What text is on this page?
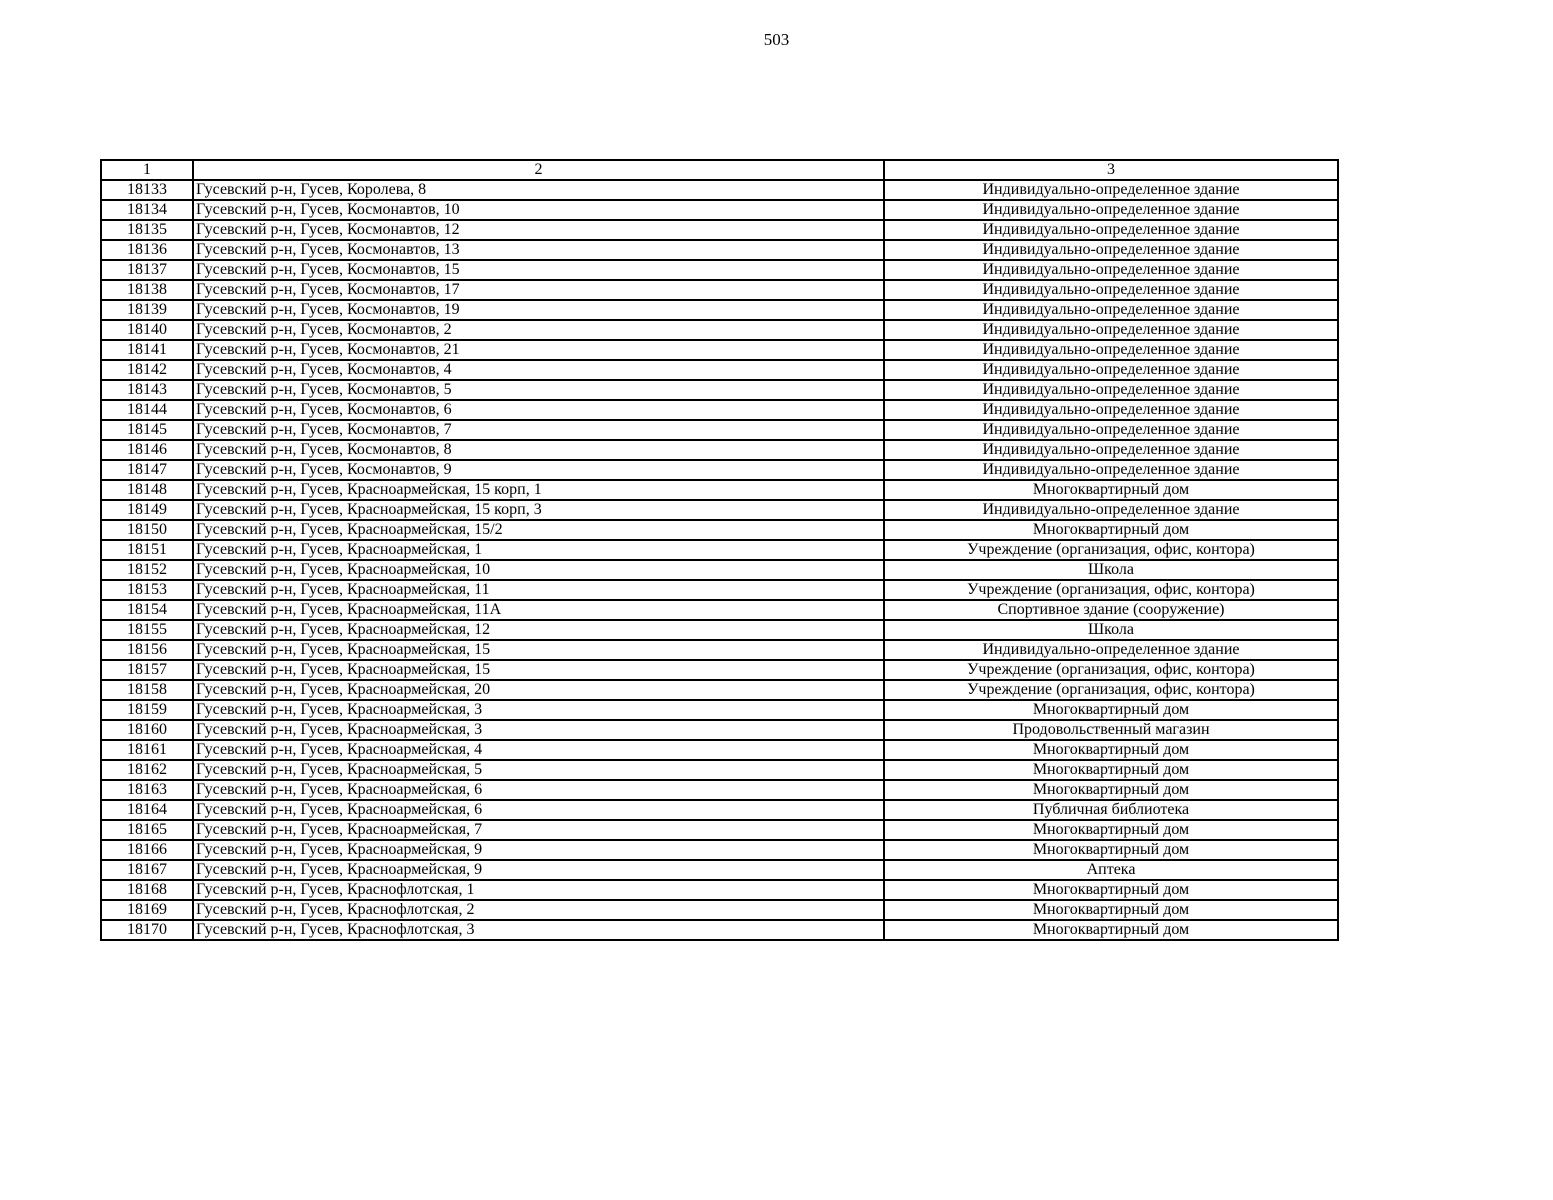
503
1	2	3
18133	Гусевский р-н, Гусев, Королева, 8	Индивидуально-определенное здание
18134	Гусевский р-н, Гусев, Космонавтов, 10	Индивидуально-определенное здание
18135	Гусевский р-н, Гусев, Космонавтов, 12	Индивидуально-определенное здание
18136	Гусевский р-н, Гусев, Космонавтов, 13	Индивидуально-определенное здание
18137	Гусевский р-н, Гусев, Космонавтов, 15	Индивидуально-определенное здание
18138	Гусевский р-н, Гусев, Космонавтов, 17	Индивидуально-определенное здание
18139	Гусевский р-н, Гусев, Космонавтов, 19	Индивидуально-определенное здание
18140	Гусевский р-н, Гусев, Космонавтов, 2	Индивидуально-определенное здание
18141	Гусевский р-н, Гусев, Космонавтов, 21	Индивидуально-определенное здание
18142	Гусевский р-н, Гусев, Космонавтов, 4	Индивидуально-определенное здание
18143	Гусевский р-н, Гусев, Космонавтов, 5	Индивидуально-определенное здание
18144	Гусевский р-н, Гусев, Космонавтов, 6	Индивидуально-определенное здание
18145	Гусевский р-н, Гусев, Космонавтов, 7	Индивидуально-определенное здание
18146	Гусевский р-н, Гусев, Космонавтов, 8	Индивидуально-определенное здание
18147	Гусевский р-н, Гусев, Космонавтов, 9	Индивидуально-определенное здание
18148	Гусевский р-н, Гусев, Красноармейская, 15 корп, 1	Многоквартирный дом
18149	Гусевский р-н, Гусев, Красноармейская, 15 корп, 3	Индивидуально-определенное здание
18150	Гусевский р-н, Гусев, Красноармейская, 15/2	Многоквартирный дом
18151	Гусевский р-н, Гусев, Красноармейская, 1	Учреждение (организация, офис, контора)
18152	Гусевский р-н, Гусев, Красноармейская, 10	Школа
18153	Гусевский р-н, Гусев, Красноармейская, 11	Учреждение (организация, офис, контора)
18154	Гусевский р-н, Гусев, Красноармейская, 11А	Спортивное здание (сооружение)
18155	Гусевский р-н, Гусев, Красноармейская, 12	Школа
18156	Гусевский р-н, Гусев, Красноармейская, 15	Индивидуально-определенное здание
18157	Гусевский р-н, Гусев, Красноармейская, 15	Учреждение (организация, офис, контора)
18158	Гусевский р-н, Гусев, Красноармейская, 20	Учреждение (организация, офис, контора)
18159	Гусевский р-н, Гусев, Красноармейская, 3	Многоквартирный дом
18160	Гусевский р-н, Гусев, Красноармейская, 3	Продовольственный магазин
18161	Гусевский р-н, Гусев, Красноармейская, 4	Многоквартирный дом
18162	Гусевский р-н, Гусев, Красноармейская, 5	Многоквартирный дом
18163	Гусевский р-н, Гусев, Красноармейская, 6	Многоквартирный дом
18164	Гусевский р-н, Гусев, Красноармейская, 6	Публичная библиотека
18165	Гусевский р-н, Гусев, Красноармейская, 7	Многоквартирный дом
18166	Гусевский р-н, Гусев, Красноармейская, 9	Многоквартирный дом
18167	Гусевский р-н, Гусев, Красноармейская, 9	Аптека
18168	Гусевский р-н, Гусев, Краснофлотская, 1	Многоквартирный дом
18169	Гусевский р-н, Гусев, Краснофлотская, 2	Многоквартирный дом
18170	Гусевский р-н, Гусев, Краснофлотская, 3	Многоквартирный дом
